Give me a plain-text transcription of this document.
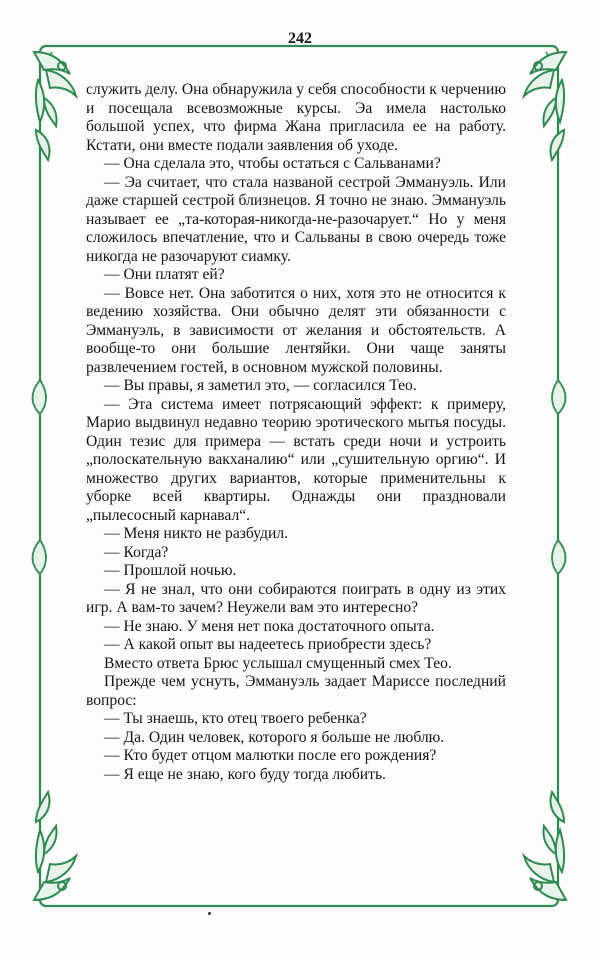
242

служить делу. Она обнаружила у себя способности к черчению и посещала всевозможные курсы. Эа имела настолько большой успех, что фирма Жана пригласила ее на работу. Кстати, они вместе подали заявления об уходе.

— Она сделала это, чтобы остаться с Сальванами?

— Эа считает, что стала названой сестрой Эммануэль. Или даже старшей сестрой близнецов. Я точно не знаю. Эммануэль называет ее „та-которая-никогда-не-разочарует.“ Но у меня сложилось впечатление, что и Сальваны в свою очередь тоже никогда не разочаруют сиамку.

— Они платят ей?

— Вовсе нет. Она заботится о них, хотя это не относится к ведению хозяйства. Они обычно делят эти обязанности с Эммануэль, в зависимости от желания и обстоятельств. А вообще-то они большие лентяйки. Они чаще заняты развлечением гостей, в основном мужской половины.

— Вы правы, я заметил это, — согласился Тео.

— Эта система имеет потрясающий эффект: к примеру, Марио выдвинул недавно теорию эротического мытья посуды. Один тезис для примера — встать среди ночи и устроить „полоскательную вакханалию“ или „сушительную оргию“. И множество других вариантов, которые применительны к уборке всей квартиры. Однажды они праздновали „пылесосный карнавал“.

— Меня никто не разбудил.

— Когда?

— Прошлой ночью.

— Я не знал, что они собираются поиграть в одну из этих игр. А вам-то зачем? Неужели вам это интересно?

— Не знаю. У меня нет пока достаточного опыта.

— А какой опыт вы надеетесь приобрести здесь?

Вместо ответа Брюс услышал смущенный смех Тео.

Прежде чем уснуть, Эммануэль задает Мариссе последний вопрос:

— Ты знаешь, кто отец твоего ребенка?

— Да. Один человек, которого я больше не люблю.

— Кто будет отцом малютки после его рождения?

— Я еще не знаю, кого буду тогда любить.
